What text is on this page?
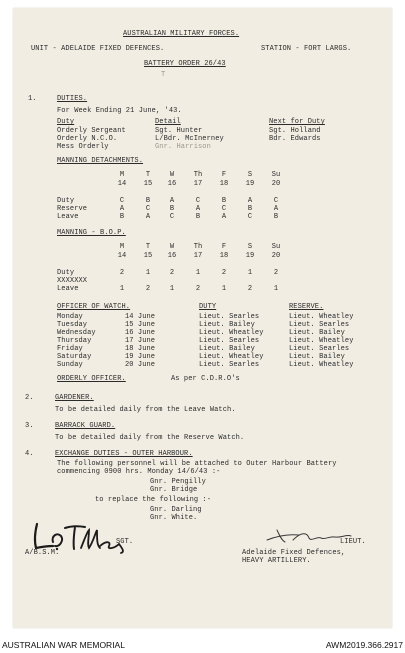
AUSTRALIAN MILITARY FORCES.
UNIT - ADELAIDE FIXED DEFENCES.	STATION - FORT LARGS.
BATTERY ORDER 26/43
T
1.	DUTIES.
For Week Ending 21 June, '43.
Duty	Detail	Next for Duty
Orderly Sergeant	Sgt. Hunter	Sgt. Holland
Orderly N.C.O.	L/Bdr. McInerney	Bdr. Edwards
Mess Orderly	Gnr. Harrison
MANNING DETACHMENTS.
MANNING - B.O.P.
OFFICER OF WATCH.	DUTY	RESERVE.
ORDERLY OFFICER.	As per C.D.R.O's
2.	GARDENER.
To be detailed daily from the Leave Watch.
3.	BARRACK GUARD.
To be detailed daily from the Reserve Watch.
4.	EXCHANGE DUTIES - OUTER HARBOUR.
The following personnel will be attached to Outer Harbour Battery
commencing 0900 hrs. Monday 14/6/43 :-
Gnr. Pengilly
Gnr. Bridge
to replace the following :-
Gnr. Darling
Gnr. White.
SGT.
A/B.S.M.
LIEUT.
Adelaide Fixed Defences,
HEAVY ARTILLERY.
M	T	W	Th	F	S	Su
14	15	16	17	18	19	20
Duty	C	B	A	C	B	A	C
Reserve	A	C	B	A	C	B	A
Leave	B	A	C	B	A	C	B
M	T	W	Th	F	S	Su
14	15	16	17	18	19	20
Duty	2	1	2	1	2	1	2
XXXXXXX
Leave	1	2	1	2	1	2	1
Monday	14 June	Lieut. Searles	Lieut. Wheatley
Tuesday	15 June	Lieut. Bailey	Lieut. Searles
Wednesday	16 June	Lieut. Wheatley	Lieut. Bailey
Thursday	17 June	Lieut. Searles	Lieut. Wheatley
Friday	18 June	Lieut. Bailey	Lieut. Searles
Saturday	19 June	Lieut. Wheatley	Lieut. Bailey
Sunday	20 June	Lieut. Searles	Lieut. Wheatley
AUSTRALIAN WAR MEMORIAL	AWM2019.366.2917
